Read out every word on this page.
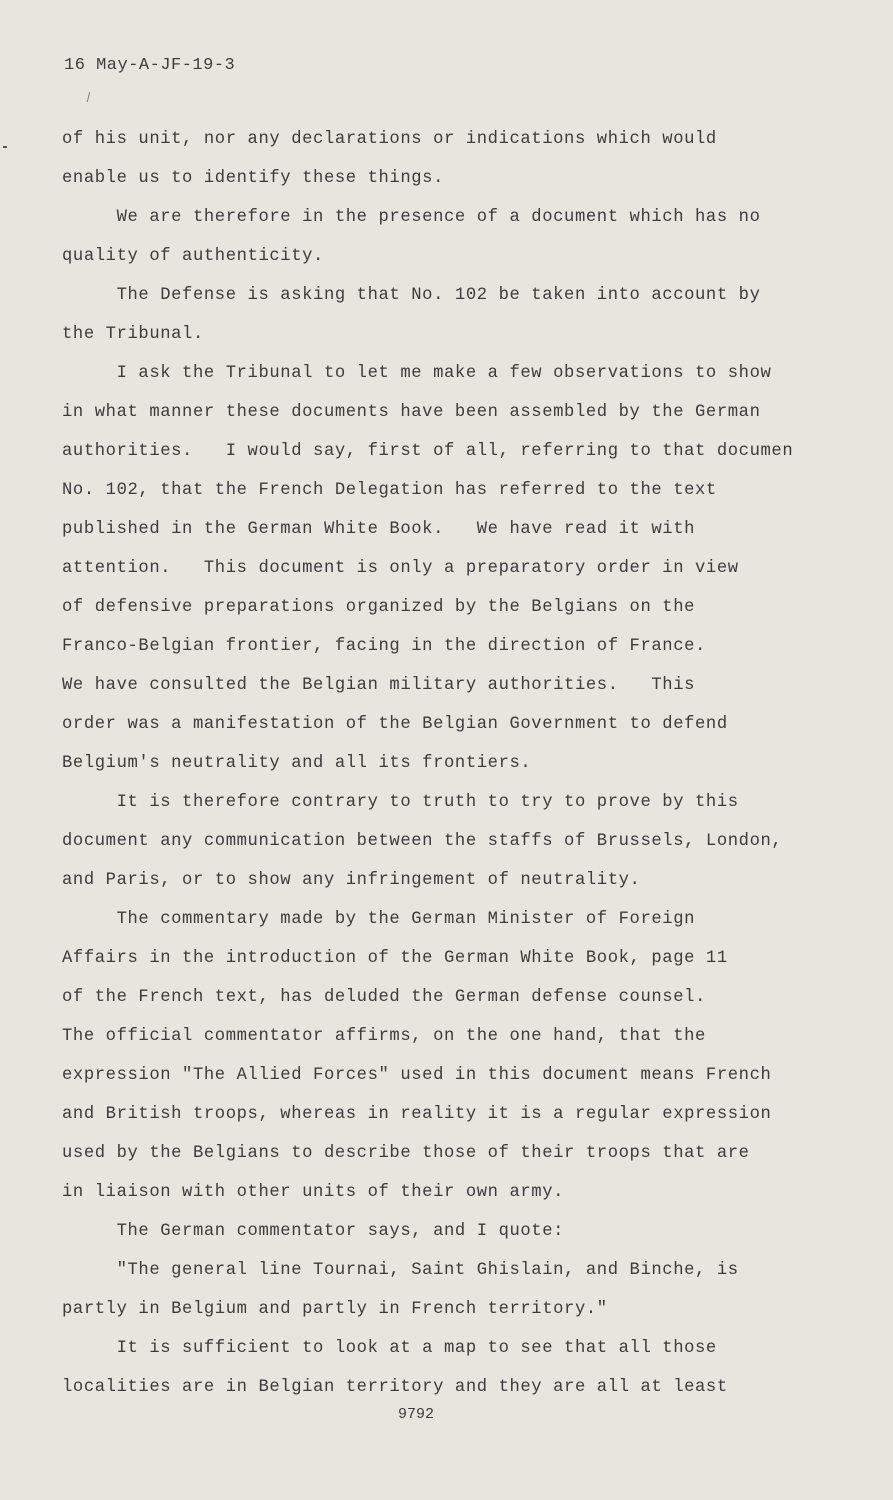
16 May-A-JF-19-3
of his unit, nor any declarations or indications which would
enable us to identify these things.
We are therefore in the presence of a document which has no
quality of authenticity.
The Defense is asking that No. 102 be taken into account by
the Tribunal.
I ask the Tribunal to let me make a few observations to show
in what manner these documents have been assembled by the German
authorities.   I would say, first of all, referring to that documen
No. 102, that the French Delegation has referred to the text
published in the German White Book.   We have read it with
attention.   This document is only a preparatory order in view
of defensive preparations organized by the Belgians on the
Franco-Belgian frontier, facing in the direction of France.
We have consulted the Belgian military authorities.   This
order was a manifestation of the Belgian Government to defend
Belgium's neutrality and all its frontiers.
It is therefore contrary to truth to try to prove by this
document any communication between the staffs of Brussels, London,
and Paris, or to show any infringement of neutrality.
The commentary made by the German Minister of Foreign
Affairs in the introduction of the German White Book, page 11
of the French text, has deluded the German defense counsel.
The official commentator affirms, on the one hand, that the
expression "The Allied Forces" used in this document means French
and British troops, whereas in reality it is a regular expression
used by the Belgians to describe those of their troops that are
in liaison with other units of their own army.
The German commentator says, and I quote:
"The general line Tournai, Saint Ghislain, and Binche, is
partly in Belgium and partly in French territory."
It is sufficient to look at a map to see that all those
localities are in Belgian territory and they are all at least
9792
